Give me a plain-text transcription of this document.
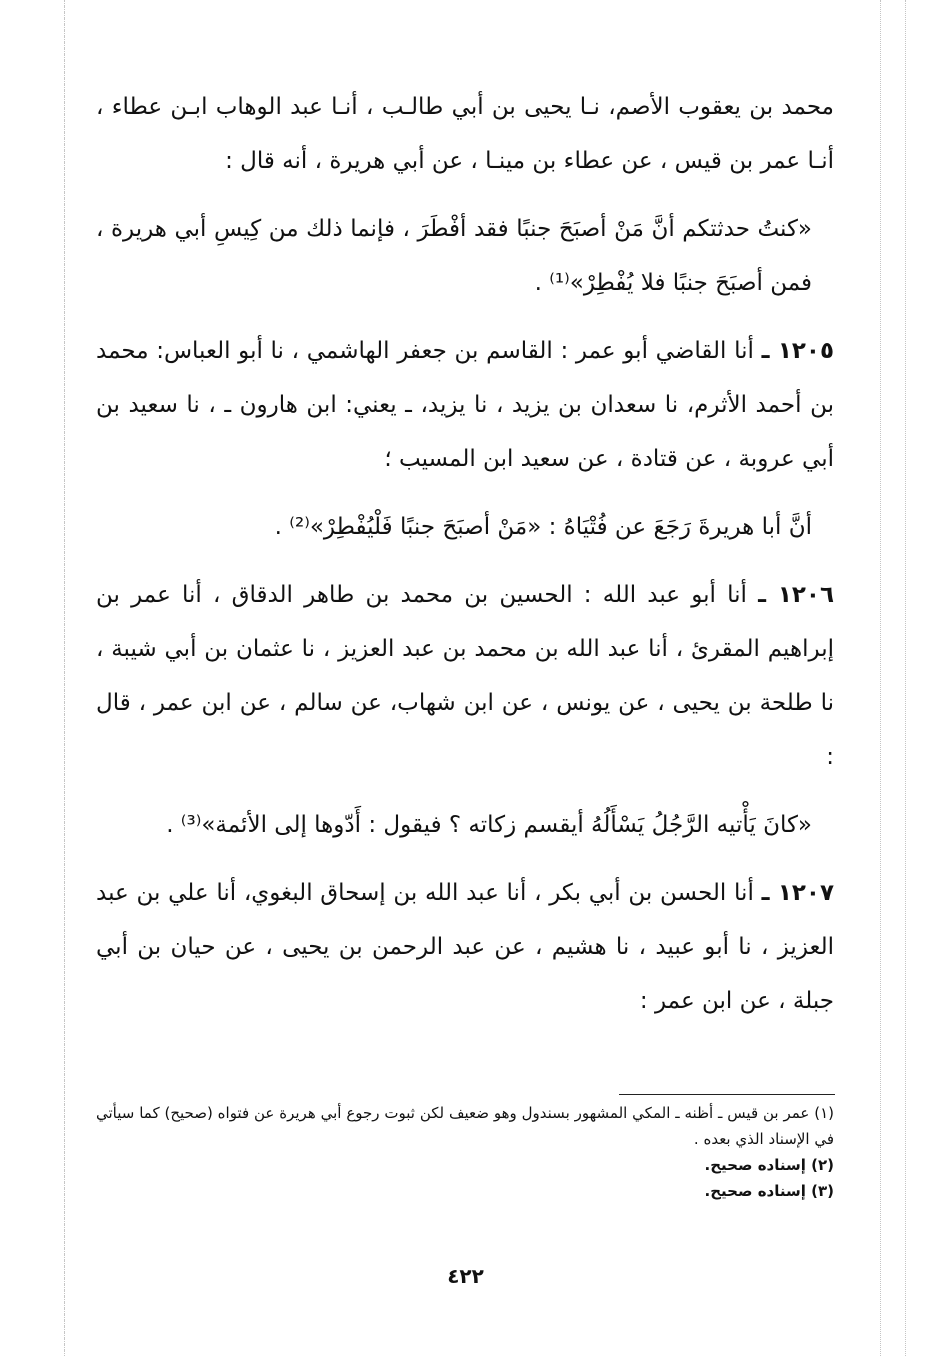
محمد بن يعقوب الأصم، نـا يحيى بن أبي طالـب ، أنـا عبد الوهاب ابـن عطاء ، أنـا عمر بن قيس ، عن عطاء بن مينـا ، عن أبي هريرة ، أنه قال :

«كنتُ حدثتكم أنَّ مَنْ أصبَحَ جنبًا فقد أفْطَرَ ، فإنما ذلك من كِيسِ أبي هريرة ، فمن أصبَحَ جنبًا فلا يُفْطِرْ»⁽¹⁾ .

١٢٠٥ ـ أنا القاضي أبو عمر : القاسم بن جعفر الهاشمي ، نا أبو العباس: محمد بن أحمد الأثرم، نا سعدان بن يزيد ، نا يزيد، ـ يعني: ابن هارون ـ ، نا سعيد بن أبي عروبة ، عن قتادة ، عن سعيد ابن المسيب ؛

أنَّ أبا هريرةَ رَجَعَ عن فُتْيَاهُ : «مَنْ أصبَحَ جنبًا فَلْيُفْطِرْ»⁽²⁾ .

١٢٠٦ ـ أنا أبو عبد الله : الحسين بن محمد بن طاهر الدقاق ، أنا عمر بن إبراهيم المقرئ ، أنا عبد الله بن محمد بن عبد العزيز ، نا عثمان بن أبي شيبة ، نا طلحة بن يحيى ، عن يونس ، عن ابن شهاب، عن سالم ، عن ابن عمر ، قال :

«كانَ يَأْتيه الرَّجُلُ يَسْأَلُهُ أيقسم زكاته ؟ فيقول : أَدّوها إلى الأئمة»⁽³⁾ .

١٢٠٧ ـ أنا الحسن بن أبي بكر ، أنا عبد الله بن إسحاق البغوي، أنا علي بن عبد العزيز ، نا أبو عبيد ، نا هشيم ، عن عبد الرحمن بن يحيى ، عن حيان بن أبي جبلة ، عن ابن عمر :

(١) عمر بن قيس ـ أظنه ـ المكي المشهور بسندول وهو ضعيف لكن ثبوت رجوع أبي هريرة عن فتواه (صحيح) كما سيأتي في الإسناد الذي بعده .

(٢) إسناده صحيح.

(٣) إسناده صحيح.

٤٢٢
